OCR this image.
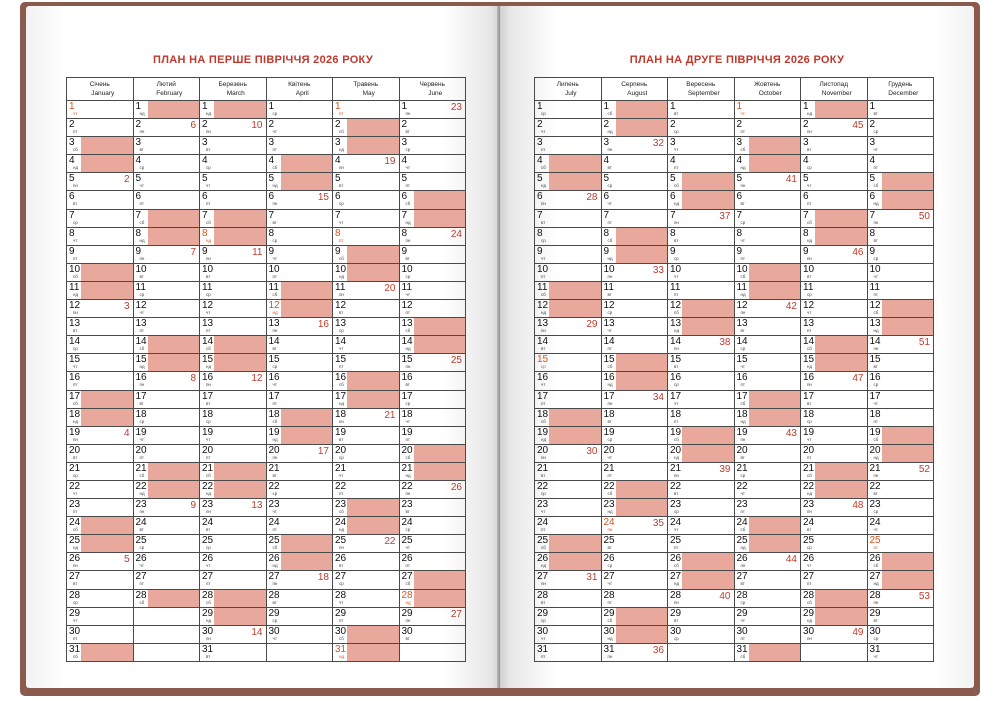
ПЛАН НА ПЕРШЕ ПІВРІЧЧЯ 2026 РОКУ
Січень
January
1
чт
2
пт
3
сб
4
нд
5
пн
2
6
вт
7
ср
8
чт
9
пт
10
сб
11
нд
12
пн
3
13
вт
14
ср
15
чт
16
пт
17
сб
18
нд
19
пн
4
20
вт
21
ср
22
чт
23
пт
24
сб
25
нд
26
пн
5
27
вт
28
ср
29
чт
30
пт
31
сб
Лютий
February
1
нд
2
пн
6
3
вт
4
ср
5
чт
6
пт
7
сб
8
нд
9
пн
7
10
вт
11
ср
12
чт
13
пт
14
сб
15
нд
16
пн
8
17
вт
18
ср
19
чт
20
пт
21
сб
22
нд
23
пн
9
24
вт
25
ср
26
чт
27
пт
28
сб
Березень
March
1
нд
2
пн
10
3
вт
4
ср
5
чт
6
пт
7
сб
8
нд
9
пн
11
10
вт
11
ср
12
чт
13
пт
14
сб
15
нд
16
пн
12
17
вт
18
ср
19
чт
20
пт
21
сб
22
нд
23
пн
13
24
вт
25
ср
26
чт
27
пт
28
сб
29
нд
30
пн
14
31
вт
Квітень
April
1
ср
2
чт
3
пт
4
сб
5
нд
6
пн
15
7
вт
8
ср
9
чт
10
пт
11
сб
12
нд
13
пн
16
14
вт
15
ср
16
чт
17
пт
18
сб
19
нд
20
пн
17
21
вт
22
ср
23
чт
24
пт
25
сб
26
нд
27
пн
18
28
вт
29
ср
30
чт
Травень
May
1
пт
2
сб
3
нд
4
пн
19
5
вт
6
ср
7
чт
8
пт
9
сб
10
нд
11
пн
20
12
вт
13
ср
14
чт
15
пт
16
сб
17
нд
18
пн
21
19
вт
20
ср
21
чт
22
пт
23
сб
24
нд
25
пн
22
26
вт
27
ср
28
чт
29
пт
30
сб
31
нд
Червень
June
1
пн
23
2
вт
3
ср
4
чт
5
пт
6
сб
7
нд
8
пн
24
9
вт
10
ср
11
чт
12
пт
13
сб
14
нд
15
пн
25
16
вт
17
ср
18
чт
19
пт
20
сб
21
нд
22
пн
26
23
вт
24
ср
25
чт
26
пт
27
сб
28
нд
29
пн
27
30
вт
ПЛАН НА ДРУГЕ ПІВРІЧЧЯ 2026 РОКУ
Липень
July
1
ср
2
чт
3
пт
4
сб
5
нд
6
пн
28
7
вт
8
ср
9
чт
10
пт
11
сб
12
нд
13
пн
29
14
вт
15
ср
16
чт
17
пт
18
сб
19
нд
20
пн
30
21
вт
22
ср
23
чт
24
пт
25
сб
26
нд
27
пн
31
28
вт
29
ср
30
чт
31
пт
Серпень
August
1
сб
2
нд
3
пн
32
4
вт
5
ср
6
чт
7
пт
8
сб
9
нд
10
пн
33
11
вт
12
ср
13
чт
14
пт
15
сб
16
нд
17
пн
34
18
вт
19
ср
20
чт
21
пт
22
сб
23
нд
24
пн
35
25
вт
26
ср
27
чт
28
пт
29
сб
30
нд
31
пн
36
Вересень
September
1
вт
2
ср
3
чт
4
пт
5
сб
6
нд
7
пн
37
8
вт
9
ср
10
чт
11
пт
12
сб
13
нд
14
пн
38
15
вт
16
ср
17
чт
18
пт
19
сб
20
нд
21
пн
39
22
вт
23
ср
24
чт
25
пт
26
сб
27
нд
28
пн
40
29
вт
30
ср
Жовтень
October
1
чт
2
пт
3
сб
4
нд
5
пн
41
6
вт
7
ср
8
чт
9
пт
10
сб
11
нд
12
пн
42
13
вт
14
ср
15
чт
16
пт
17
сб
18
нд
19
пн
43
20
вт
21
ср
22
чт
23
пт
24
сб
25
нд
26
пн
44
27
вт
28
ср
29
чт
30
пт
31
сб
Листопад
November
1
нд
2
пн
45
3
вт
4
ср
5
чт
6
пт
7
сб
8
нд
9
пн
46
10
вт
11
ср
12
чт
13
пт
14
сб
15
нд
16
пн
47
17
вт
18
ср
19
чт
20
пт
21
сб
22
нд
23
пн
48
24
вт
25
ср
26
чт
27
пт
28
сб
29
нд
30
пн
49
Грудень
December
1
вт
2
ср
3
чт
4
пт
5
сб
6
нд
7
пн
50
8
вт
9
ср
10
чт
11
пт
12
сб
13
нд
14
пн
51
15
вт
16
ср
17
чт
18
пт
19
сб
20
нд
21
пн
52
22
вт
23
ср
24
чт
25
пт
26
сб
27
нд
28
пн
53
29
вт
30
ср
31
чт
